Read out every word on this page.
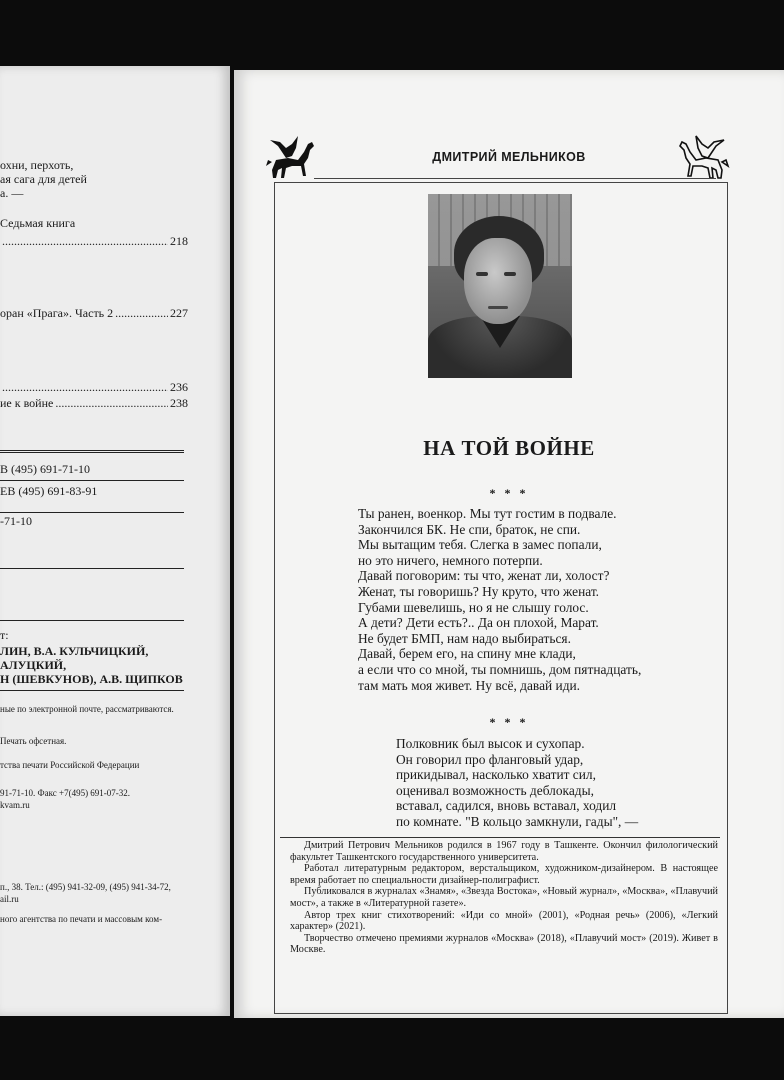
охни, перхоть,
ая сага для детей
а. —
Седьмая книга
.....
218
оран «Прага». Часть 2 .....	227
.....
236
ие к войне .....	238
В (495) 691-71-10
ЕВ (495) 691-83-91
-71-10
т:
ЛИН, В.А. КУЛЬЧИЦКИЙ,
АЛУЦКИЙ,
Н (ШЕВКУНОВ), А.В. ЩИПКОВ
ные по электронной почте, рассматриваются.
Печать офсетная.
тства печати Российской Федерации
91-71-10. Факс +7(495) 691-07-32.
kvam.ru
п., 38. Тел.: (495) 941-32-09, (495) 941-34-72,
ail.ru
ного агентства по печати и массовым ком-
ДМИТРИЙ МЕЛЬНИКОВ
НА ТОЙ ВОЙНЕ
* * *
Ты ранен, военкор. Мы тут гостим в подвале.
Закончился БК. Не спи, браток, не спи.
Мы вытащим тебя. Слегка в замес попали,
но это ничего, немного потерпи.
Давай поговорим: ты что, женат ли, холост?
Женат, ты говоришь? Ну круто, что женат.
Губами шевелишь, но я не слышу голос.
А дети? Дети есть?.. Да он плохой, Марат.
Не будет БМП, нам надо выбираться.
Давай, берем его, на спину мне клади,
а если что со мной, ты помнишь, дом пятнадцать,
там мать моя живет. Ну всё, давай иди.
* * *
Полковник был высок и сухопар.
Он говорил про фланговый удар,
прикидывал, насколько хватит сил,
оценивал возможность деблокады,
вставал, садился, вновь вставал, ходил
по комнате. "В кольцо замкнули, гады", —

Дмитрий Петрович Мельников родился в 1967 году в Ташкенте. Окончил филологический факультет Ташкентского государственного университета.

Работал литературным редактором, верстальщиком, художником-дизайнером. В настоящее время работает по специальности дизайнер-полиграфист.

Публиковался в журналах «Знамя», «Звезда Востока», «Новый журнал», «Москва», «Плавучий мост», а также в «Литературной газете».

Автор трех книг стихотворений: «Иди со мной» (2001), «Родная речь» (2006), «Легкий характер» (2021).

Творчество отмечено премиями журналов «Москва» (2018), «Плавучий мост» (2019). Живет в Москве.
